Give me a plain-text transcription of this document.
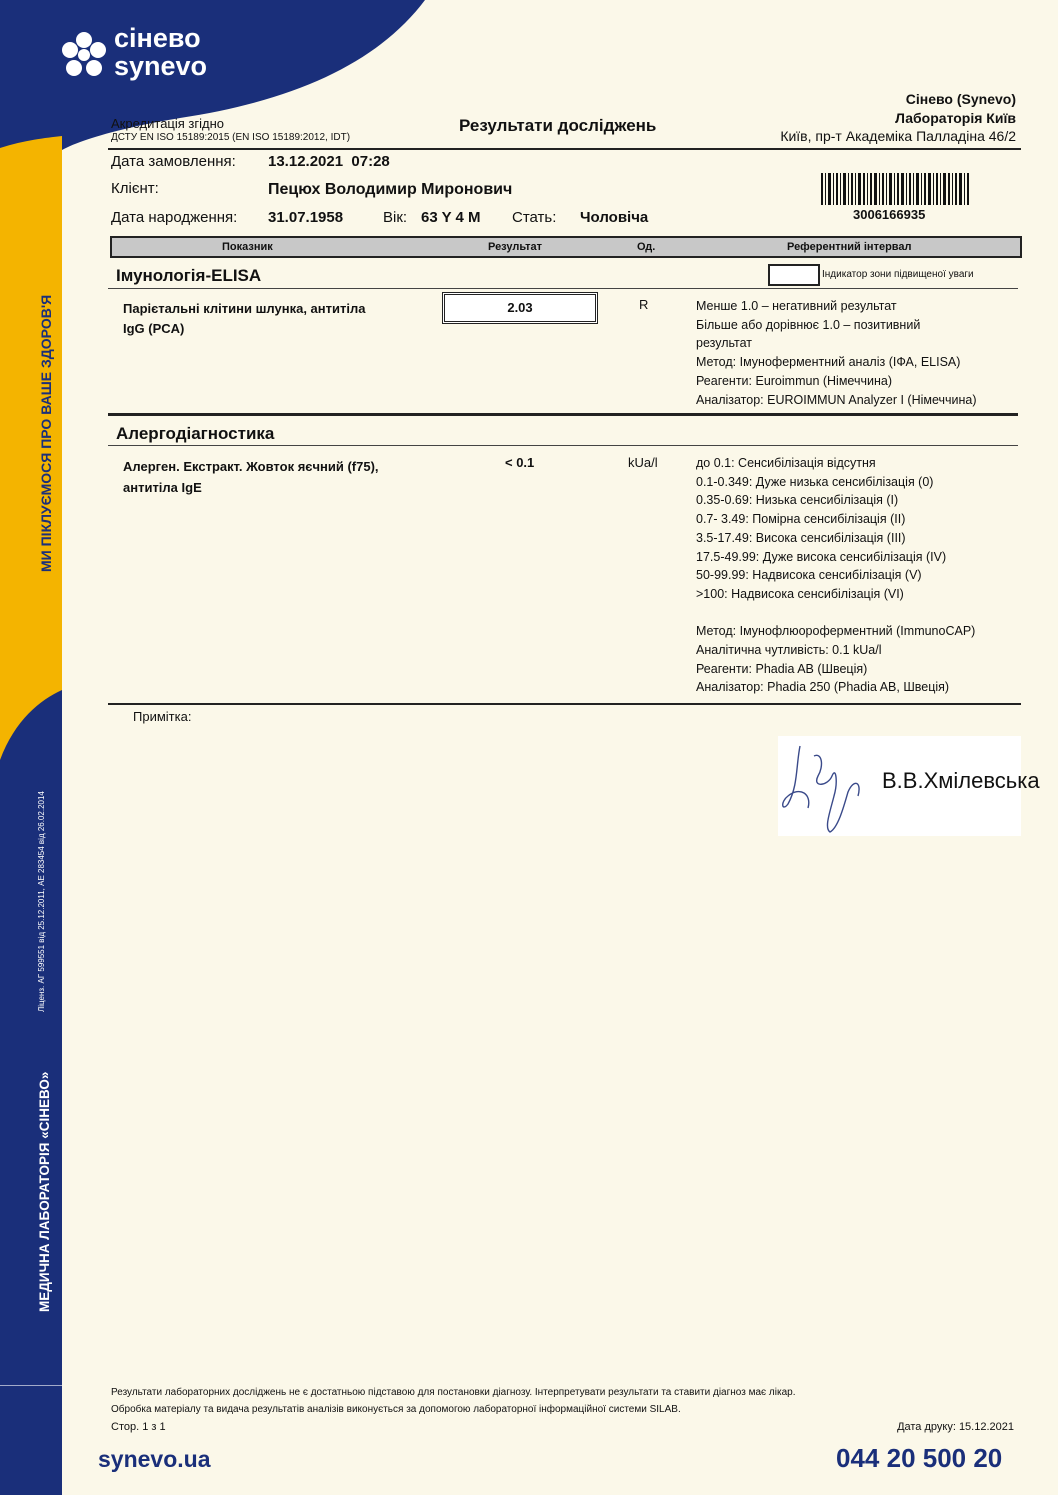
сінево
synevo
МИ ПІКЛУЄМОСЯ ПРО ВАШЕ ЗДОРОВ'Я
Ліценз. АГ 599551 від 25.12.2011, АЕ 283454 від 26.02.2014
МЕДИЧНА ЛАБОРАТОРІЯ «СІНЕВО»
Акредитація згідно
ДСТУ EN ISO 15189:2015 (EN ISO 15189:2012, IDT)
Результати досліджень
Сінево (Synevo)
Лабораторія Київ
Київ, пр-т Академіка Палладіна 46/2
Дата замовлення: 13.12.2021  07:28
Клієнт:	Пецюх Володимир Миронович
Дата народження: 31.07.1958	Вік: 63 Y 4 M Стать: Чоловіча	3006166935
Показник	Результат	Од.	Референтний інтервал
Імунологія-ELISA	Індикатор зони підвищеної уваги
Парієтальні клітини шлунка, антитіла
IgG (PCA)
2.03	R	Менше 1.0 – негативний результат
Більше або дорівнює 1.0 – позитивний
результат
Метод: Імуноферментний аналіз (ІФА, ELISA)
Реагенти: Euroimmun (Німеччина)
Аналізатор: EUROIMMUN Analyzer I (Німеччина)
Алергодіагностика
Алерген. Екстракт. Жовток яєчний (f75),
антитіла IgE
< 0.1	kUa/l	до 0.1: Сенсибілізація відсутня
0.1-0.349: Дуже низька сенсибілізація (0)
0.35-0.69: Низька сенсибілізація (I)
0.7- 3.49: Помірна сенсибілізація (II)
3.5-17.49: Висока сенсибілізація (III)
17.5-49.99: Дуже висока сенсибілізація (IV)
50-99.99: Надвисока сенсибілізація (V)
>100: Надвисока сенсибілізація (VI)
Метод: Імунофлюороферментний (ImmunoCAP)
Аналітична чутливість: 0.1 kUa/l
Реагенти: Phadia AB (Швеція)
Аналізатор: Phadia 250 (Phadia AB, Швеція)
Примітка:
В.В.Хмілевська
Результати лабораторних досліджень не є достатньою підставою для постановки діагнозу. Інтерпретувати результати та ставити діагноз має лікар.
Обробка матеріалу та видача результатів аналізів виконується за допомогою лабораторної інформаційної системи SILAB.
Стор. 1 з 1	Дата друку: 15.12.2021
synevo.ua	044 20 500 20
